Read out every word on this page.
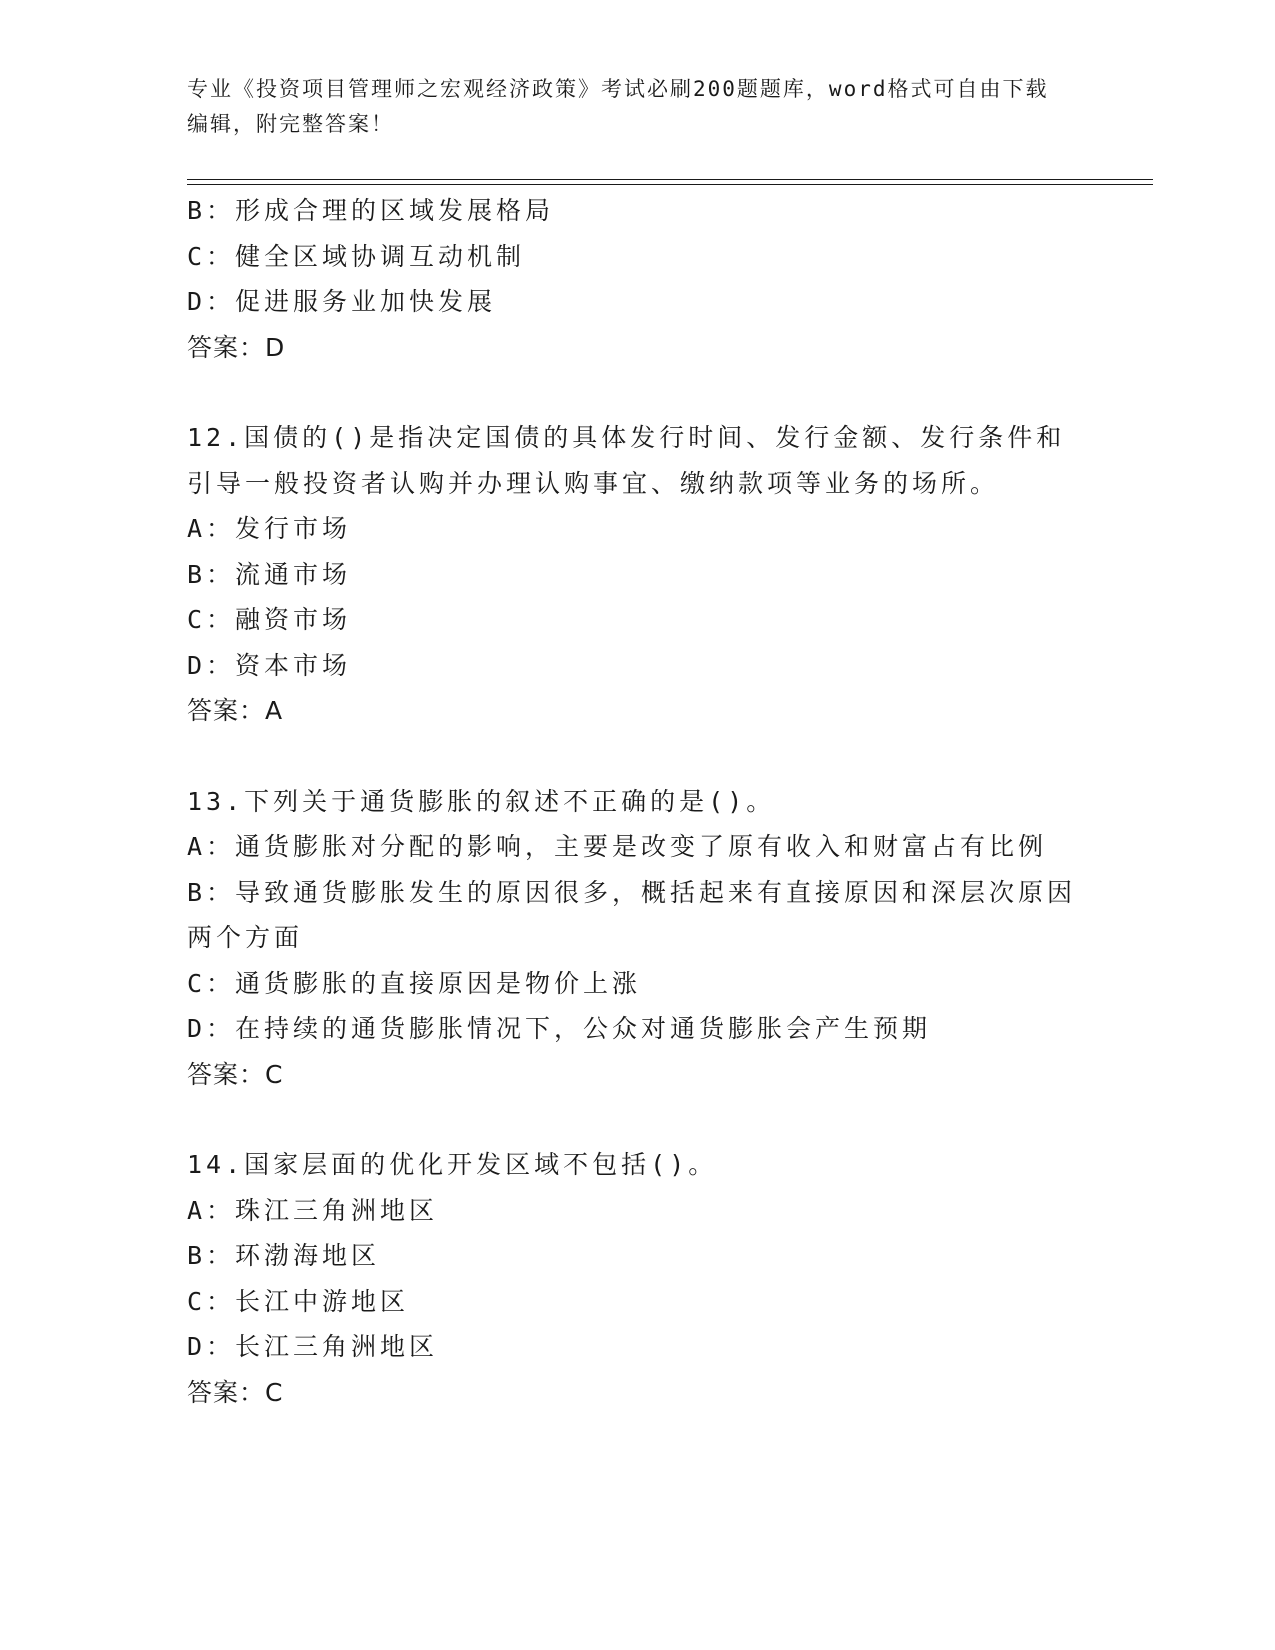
专业《投资项目管理师之宏观经济政策》考试必刷200题题库，word格式可自由下载编辑，附完整答案！
B：形成合理的区域发展格局
C：健全区域协调互动机制
D：促进服务业加快发展
答案：D
12.国债的()是指决定国债的具体发行时间、发行金额、发行条件和引导一般投资者认购并办理认购事宜、缴纳款项等业务的场所。
A：发行市场
B：流通市场
C：融资市场
D：资本市场
答案：A
13.下列关于通货膨胀的叙述不正确的是()。
A：通货膨胀对分配的影响，主要是改变了原有收入和财富占有比例
B：导致通货膨胀发生的原因很多，概括起来有直接原因和深层次原因两个方面
C：通货膨胀的直接原因是物价上涨
D：在持续的通货膨胀情况下，公众对通货膨胀会产生预期
答案：C
14.国家层面的优化开发区域不包括()。
A：珠江三角洲地区
B：环渤海地区
C：长江中游地区
D：长江三角洲地区
答案：C
